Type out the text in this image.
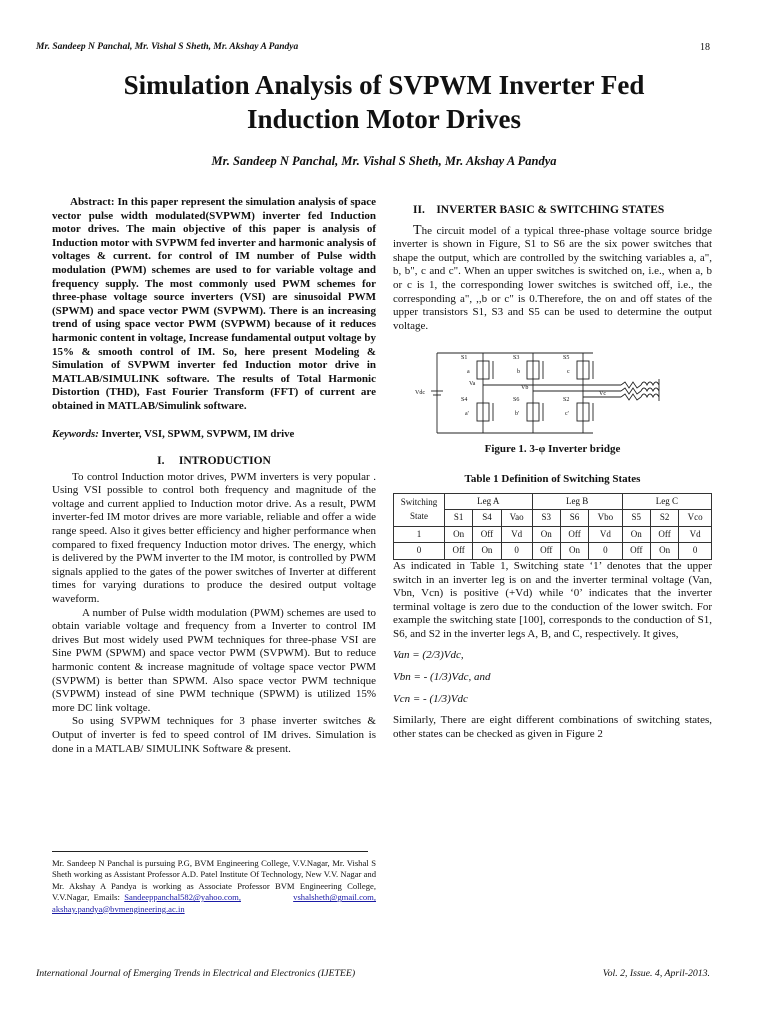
Mr. Sandeep N Panchal, Mr. Vishal S Sheth, Mr. Akshay A Pandya	18
Simulation Analysis of SVPWM Inverter Fed
Induction Motor Drives
Mr. Sandeep N Panchal, Mr. Vishal S Sheth, Mr. Akshay A Pandya

Abstract: In this paper represent the simulation analysis of space vector pulse width modulated(SVPWM) inverter fed Induction motor drives. The main objective of this paper is analysis of Induction motor with SVPWM fed inverter and harmonic analysis of voltages & current. for control of IM number of Pulse width modulation (PWM) schemes are used to for variable voltage and frequency supply. The most commonly used PWM schemes for three-phase voltage source inverters (VSI) are sinusoidal PWM (SPWM) and space vector PWM (SVPWM). There is an increasing trend of using space vector PWM (SVPWM) because of it reduces harmonic content in voltage, Increase fundamental output voltage by 15% & smooth control of IM. So, here present Modeling & Simulation of SVPWM inverter fed Induction motor drive in MATLAB/SIMULINK software. The results of Total Harmonic Distortion (THD), Fast Fourier Transform (FFT) of current are obtained in MATLAB/Simulink software.

Keywords: Inverter, VSI, SPWM, SVPWM, IM drive

I.     INTRODUCTION

To control Induction motor drives, PWM inverters is very popular . Using VSI possible to control both frequency and magnitude of the voltage and current applied to Induction motor drive. As a result, PWM inverter-fed IM motor drives are more variable, reliable and offer a wide range speed. Also it gives better efficiency and higher performance when compared to fixed frequency Induction motor drives. The energy, which is delivered by the PWM inverter to the IM motor, is controlled by PWM signals applied to the gates of the power switches of Inverter at different times for varying durations to produce the desired output voltage waveform.

A number of Pulse width modulation (PWM) schemes are used to obtain variable voltage and frequency from a Inverter to control IM drives But most widely used PWM techniques for three-phase VSI are Sine PWM (SPWM) and space vector PWM (SVPWM). But to reduce harmonic content & increase magnitude of voltage space vector PWM (SVPWM) is better than SPWM. Also space vector PWM technique (SVPWM) instead of sine PWM technique (SPWM) is utilized 15% more DC link voltage.

So using SVPWM techniques for 3 phase inverter switches & Output of inverter is fed to speed control of IM drives. Simulation is done in a MATLAB/ SIMULINK Software & present.

Mr. Sandeep N Panchal is pursuing P.G, BVM Engineering College, V.V.Nagar, Mr. Vishal S Sheth working as Assistant Professor A.D. Patel Institute Of Technology, New V.V. Nagar and Mr. Akshay A Pandya is working as Associate Professor BVM Engineering College, V.V.Nagar, Emails: Sandeeppanchal582@yahoo.com,	vshalsheth@gmail.com, akshay.pandya@bvmengineering.ac.in
II.    INVERTER BASIC & SWITCHING STATES

The circuit model of a typical three-phase voltage source bridge inverter is shown in Figure, S1 to S6 are the six power switches that shape the output, which are controlled by the switching variables a, a", b, b", c and c". When an upper switches is switched on, i.e., when a, b or c is 1, the corresponding lower switches is switched off, i.e., the corresponding a", ,,b or c" is 0.Therefore, the on and off states of the upper transistors S1, S3 and S5 can be used to determine the output voltage.

S1	S3	S5
S4	S6	S2
a	b	c
a'	b'	c'
Vdc
Va
Vb
Vc
Figure 1. 3-φ Inverter bridge
Table 1 Definition of Switching States
Switching State	Leg A			Leg B			Leg C		
	S1	S4	Vao	S3	S6	Vbo	S5	S2	Vco
1	On	Off	Vd	On	Off	Vd	On	Off	Vd
0	Off	On	0	Off	On	0	Off	On	0

As indicated in Table 1, Switching state ‘1’ denotes that the upper switch in an inverter leg is on and the inverter terminal voltage (Van, Vbn, Vcn) is positive (+Vd) while ‘0’ indicates that the inverter terminal voltage is zero due to the conduction of the lower switch. For example the switching state [100], corresponds to the conduction of S1, S6, and S2 in the inverter legs A, B, and C, respectively. It gives,

Van = (2/3)Vdc,

Vbn = - (1/3)Vdc, and

Vcn = - (1/3)Vdc

Similarly, There are eight different combinations of switching states, other states can be checked as given in Figure 2

International Journal of Emerging Trends in Electrical and Electronics (IJETEE)	Vol. 2, Issue. 4, April-2013.
